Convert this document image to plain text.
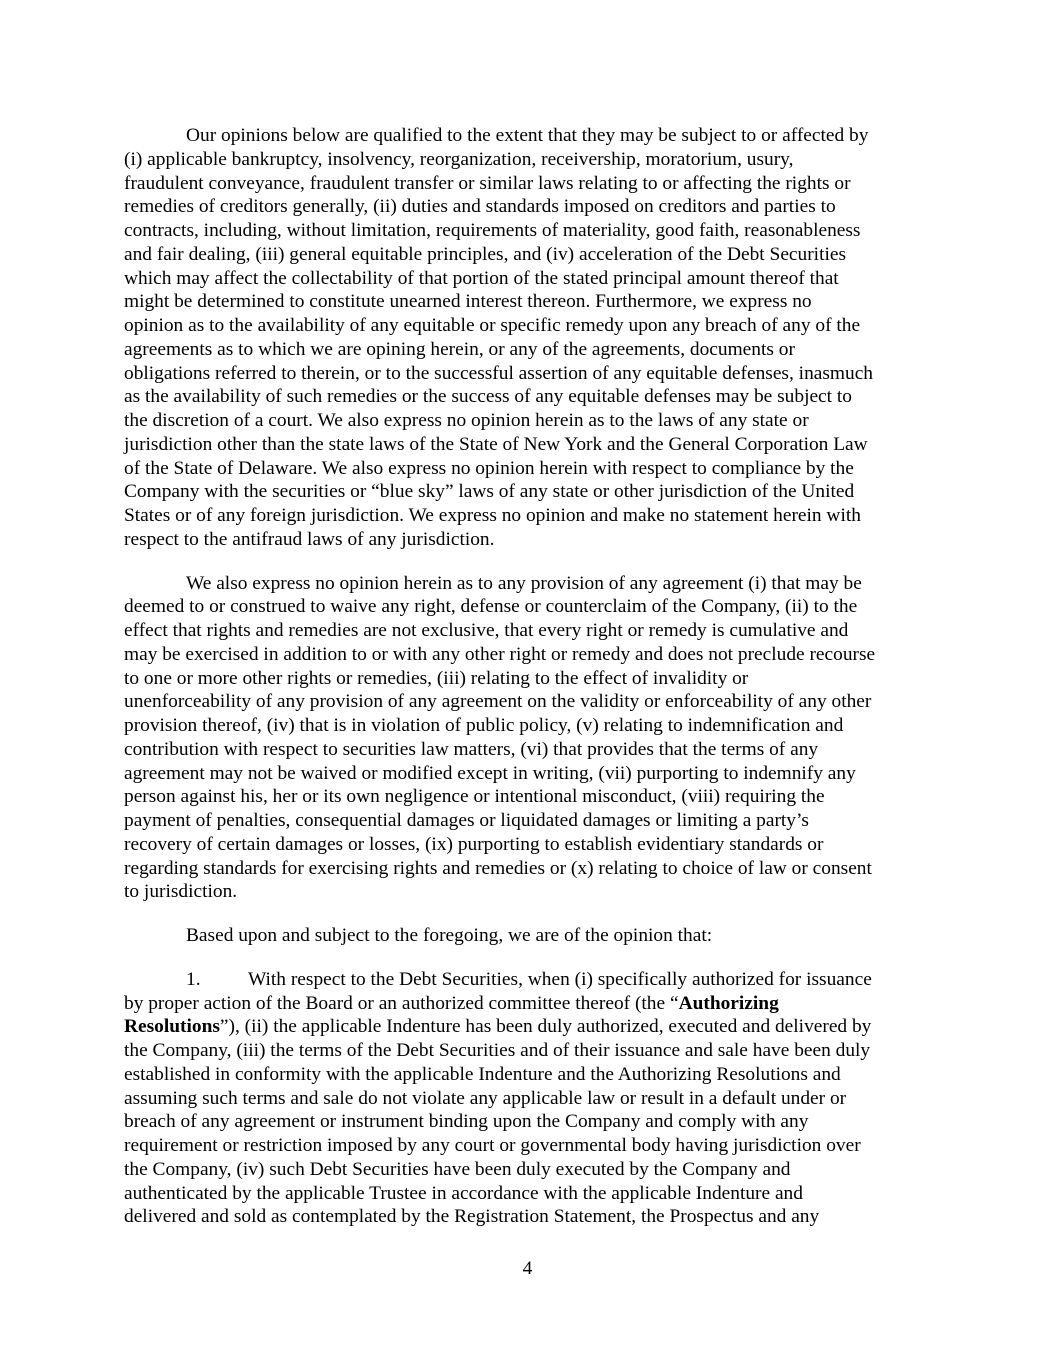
Our opinions below are qualified to the extent that they may be subject to or affected by
(i) applicable bankruptcy, insolvency, reorganization, receivership, moratorium, usury,
fraudulent conveyance, fraudulent transfer or similar laws relating to or affecting the rights or
remedies of creditors generally, (ii) duties and standards imposed on creditors and parties to
contracts, including, without limitation, requirements of materiality, good faith, reasonableness
and fair dealing, (iii) general equitable principles, and (iv) acceleration of the Debt Securities
which may affect the collectability of that portion of the stated principal amount thereof that
might be determined to constitute unearned interest thereon. Furthermore, we express no
opinion as to the availability of any equitable or specific remedy upon any breach of any of the
agreements as to which we are opining herein, or any of the agreements, documents or
obligations referred to therein, or to the successful assertion of any equitable defenses, inasmuch
as the availability of such remedies or the success of any equitable defenses may be subject to
the discretion of a court. We also express no opinion herein as to the laws of any state or
jurisdiction other than the state laws of the State of New York and the General Corporation Law
of the State of Delaware. We also express no opinion herein with respect to compliance by the
Company with the securities or “blue sky” laws of any state or other jurisdiction of the United
States or of any foreign jurisdiction. We express no opinion and make no statement herein with
respect to the antifraud laws of any jurisdiction.

We also express no opinion herein as to any provision of any agreement (i) that may be
deemed to or construed to waive any right, defense or counterclaim of the Company, (ii) to the
effect that rights and remedies are not exclusive, that every right or remedy is cumulative and
may be exercised in addition to or with any other right or remedy and does not preclude recourse
to one or more other rights or remedies, (iii) relating to the effect of invalidity or
unenforceability of any provision of any agreement on the validity or enforceability of any other
provision thereof, (iv) that is in violation of public policy, (v) relating to indemnification and
contribution with respect to securities law matters, (vi) that provides that the terms of any
agreement may not be waived or modified except in writing, (vii) purporting to indemnify any
person against his, her or its own negligence or intentional misconduct, (viii) requiring the
payment of penalties, consequential damages or liquidated damages or limiting a party’s
recovery of certain damages or losses, (ix) purporting to establish evidentiary standards or
regarding standards for exercising rights and remedies or (x) relating to choice of law or consent
to jurisdiction.

Based upon and subject to the foregoing, we are of the opinion that:

1. With respect to the Debt Securities, when (i) specifically authorized for issuance
by proper action of the Board or an authorized committee thereof (the “Authorizing
Resolutions”), (ii) the applicable Indenture has been duly authorized, executed and delivered by
the Company, (iii) the terms of the Debt Securities and of their issuance and sale have been duly
established in conformity with the applicable Indenture and the Authorizing Resolutions and
assuming such terms and sale do not violate any applicable law or result in a default under or
breach of any agreement or instrument binding upon the Company and comply with any
requirement or restriction imposed by any court or governmental body having jurisdiction over
the Company, (iv) such Debt Securities have been duly executed by the Company and
authenticated by the applicable Trustee in accordance with the applicable Indenture and
delivered and sold as contemplated by the Registration Statement, the Prospectus and any

4
